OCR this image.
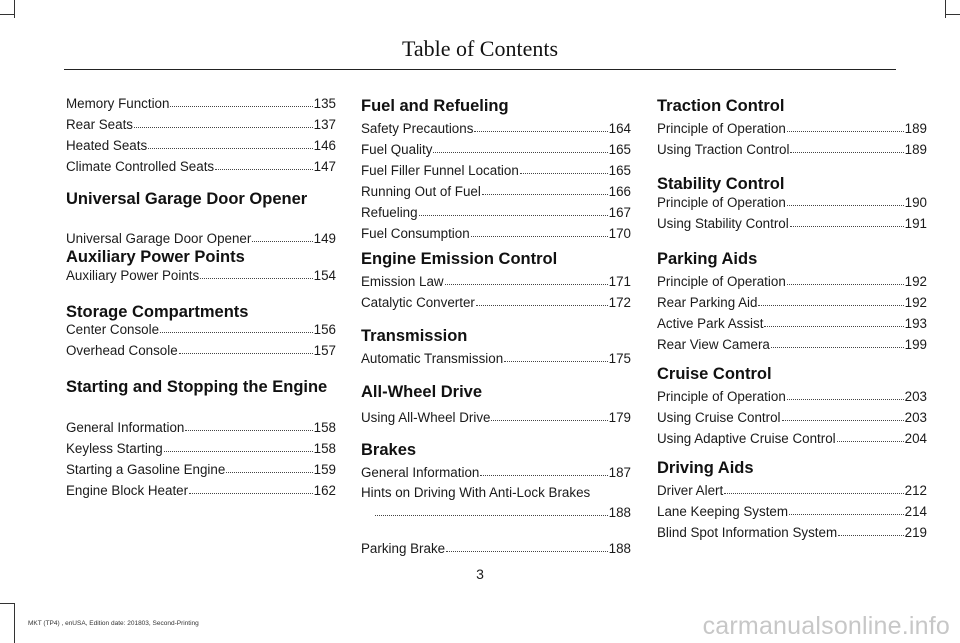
Table of Contents
Memory Function	135
Rear Seats	137
Heated Seats	146
Climate Controlled Seats	147
Universal Garage Door Opener
Universal Garage Door Opener	149
Auxiliary Power Points
Auxiliary Power Points	154
Storage Compartments
Center Console	156
Overhead Console	157
Starting and Stopping the Engine
General Information	158
Keyless Starting	158
Starting a Gasoline Engine	159
Engine Block Heater	162
Fuel and Refueling
Safety Precautions	164
Fuel Quality	165
Fuel Filler Funnel Location	165
Running Out of Fuel	166
Refueling	167
Fuel Consumption	170
Engine Emission Control
Emission Law	171
Catalytic Converter	172
Transmission
Automatic Transmission	175
All-Wheel Drive
Using All-Wheel Drive	179
Brakes
General Information	187
Hints on Driving With Anti-Lock Brakes
188
Parking Brake	188
Traction Control
Principle of Operation	189
Using Traction Control	189
Stability Control
Principle of Operation	190
Using Stability Control	191
Parking Aids
Principle of Operation	192
Rear Parking Aid	192
Active Park Assist	193
Rear View Camera	199
Cruise Control
Principle of Operation	203
Using Cruise Control	203
Using Adaptive Cruise Control	204
Driving Aids
Driver Alert	212
Lane Keeping System	214
Blind Spot Information System	219
3
MKT (TP4) , enUSA, Edition date: 201803, Second-Printing	carmanualsonline.info
